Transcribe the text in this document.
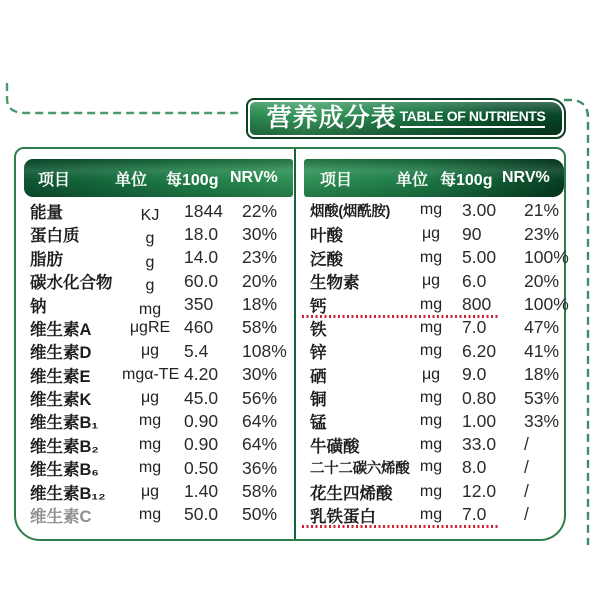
营养成分表 TABLE OF NUTRIENTS
项目	单位	每100g NRV%	项目	单位 每100g NRV%
能量	KJ	1844	22%
蛋白质	g	18.0	30%
脂肪	g	14.0	23%
碳水化合物	g	60.0	20%
钠	mg	350	18%
维生素A	μgRE 460	58%
维生素D	μg	5.4	108%
维生素E	mgα-TE 4.20	30%
维生素K	μg	45.0	56%
维生素B₁	mg	0.90	64%
维生素B₂	mg	0.90	64%
维生素B₆	mg	0.50	36%
维生素B₁₂	μg	1.40	58%
维生素C	mg	50.0	50%
烟酸(烟酰胺)	mg	3.00	21%
叶酸	μg	90	23%
泛酸	mg	5.00	100%
生物素	μg	6.0	20%
钙	mg	800	100%
铁	mg	7.0	47%
锌	mg	6.20	41%
硒	μg	9.0	18%
铜	mg	0.80	53%
锰	mg	1.00	33%
牛磺酸	mg	33.0	/
二十二碳六烯酸 mg	8.0	/
花生四烯酸	mg	12.0	/
乳铁蛋白	mg	7.0	/
